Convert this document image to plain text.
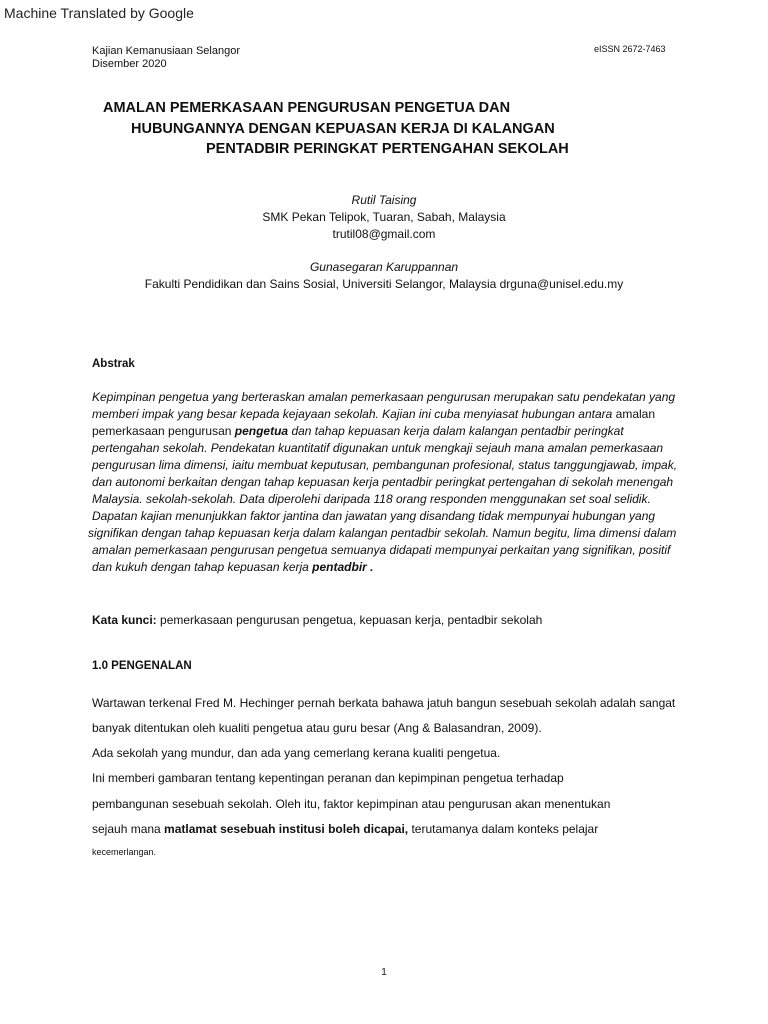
Machine Translated by Google
Kajian Kemanusiaan Selangor
Disember 2020
eISSN 2672-7463
AMALAN PEMERKASAAN PENGURUSAN PENGETUA DAN
HUBUNGANNYA DENGAN KEPUASAN KERJA DI KALANGAN
PENTADBIR PERINGKAT PERTENGAHAN SEKOLAH
Rutil Taising
SMK Pekan Telipok, Tuaran, Sabah, Malaysia
trutil08@gmail.com
Gunasegaran Karuppannan
Fakulti Pendidikan dan Sains Sosial, Universiti Selangor, Malaysia drguna@unisel.edu.my
Abstrak
Kepimpinan pengetua yang berteraskan amalan pemerkasaan pengurusan merupakan satu pendekatan yang
memberi impak yang besar kepada kejayaan sekolah. Kajian ini cuba menyiasat hubungan antara amalan
pemerkasaan pengurusan pengetua dan tahap kepuasan kerja dalam kalangan pentadbir peringkat
pertengahan sekolah. Pendekatan kuantitatif digunakan untuk mengkaji sejauh mana amalan pemerkasaan
pengurusan lima dimensi, iaitu membuat keputusan, pembangunan profesional, status tanggungjawab, impak,
dan autonomi berkaitan dengan tahap kepuasan kerja pentadbir peringkat pertengahan di sekolah menengah
Malaysia. sekolah-sekolah. Data diperolehi daripada 118 orang responden menggunakan set soal selidik.
Dapatan kajian menunjukkan faktor jantina dan jawatan yang disandang tidak mempunyai hubungan yang
signifikan dengan tahap kepuasan kerja dalam kalangan pentadbir sekolah. Namun begitu, lima dimensi dalam
amalan pemerkasaan pengurusan pengetua semuanya didapati mempunyai perkaitan yang signifikan, positif
dan kukuh dengan tahap kepuasan kerja pentadbir .
Kata kunci: pemerkasaan pengurusan pengetua, kepuasan kerja, pentadbir sekolah
1.0 PENGENALAN
Wartawan terkenal Fred M. Hechinger pernah berkata bahawa jatuh bangun sesebuah sekolah adalah sangat
banyak ditentukan oleh kualiti pengetua atau guru besar (Ang & Balasandran, 2009).
Ada sekolah yang mundur, dan ada yang cemerlang kerana kualiti pengetua.
Ini memberi gambaran tentang kepentingan peranan dan kepimpinan pengetua terhadap
pembangunan sesebuah sekolah. Oleh itu, faktor kepimpinan atau pengurusan akan menentukan
sejauh mana matlamat sesebuah institusi boleh dicapai, terutamanya dalam konteks pelajar
kecemerlangan.
1
